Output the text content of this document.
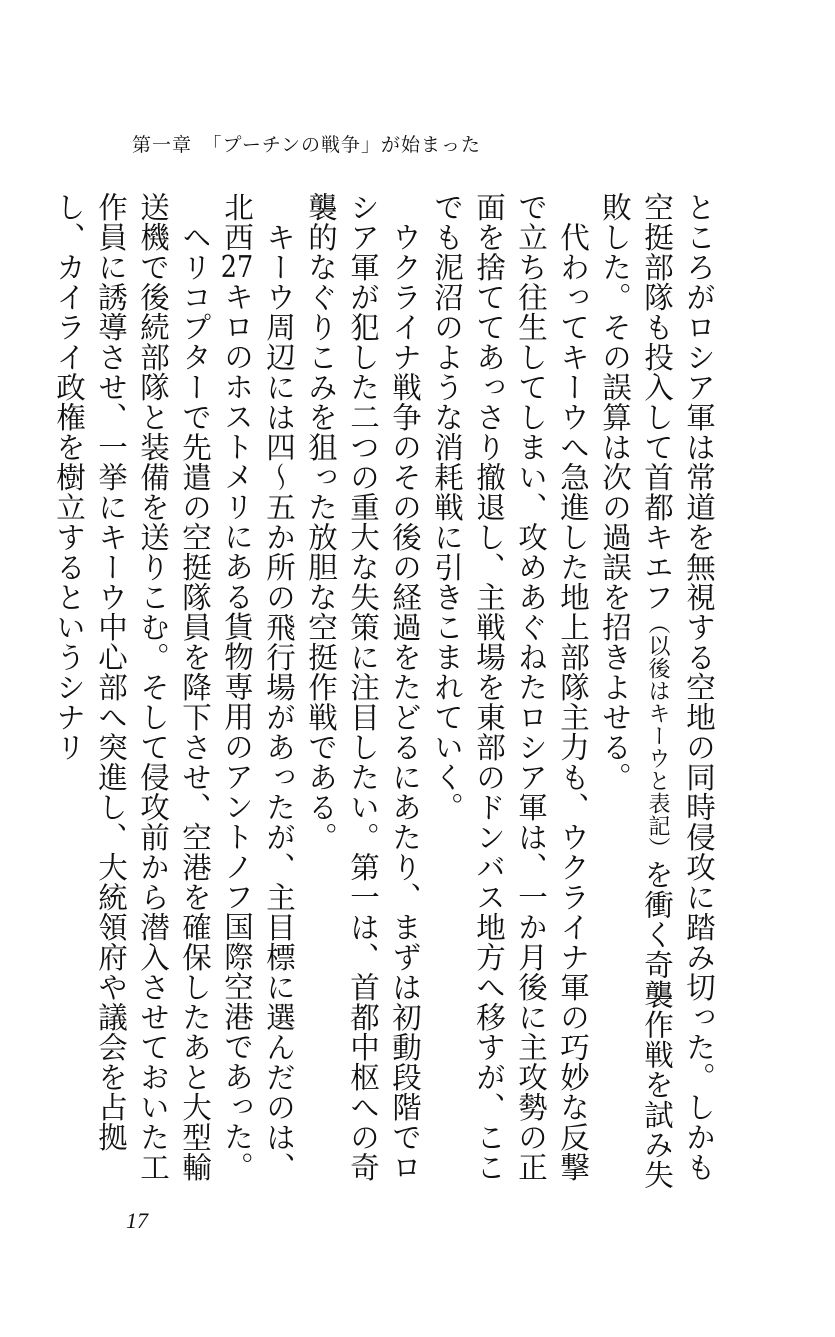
第一章　「プーチンの戦争」が始まった

ところがロシア軍は常道を無視する空地の同時侵攻に踏み切った。しかも空挺部隊も投入して首都キエフ（以後はキーウと表記）を衝く奇襲作戦を試み失敗した。その誤算は次の過誤を招きよせる。

代わってキーウへ急進した地上部隊主力も、ウクライナ軍の巧妙な反撃で立ち往生してしまい、攻めあぐねたロシア軍は、一か月後に主攻勢の正面を捨ててあっさり撤退し、主戦場を東部のドンバス地方へ移すが、ここでも泥沼のような消耗戦に引きこまれていく。

ウクライナ戦争のその後の経過をたどるにあたり、まずは初動段階でロシア軍が犯した二つの重大な失策に注目したい。第一は、首都中枢への奇襲的なぐりこみを狙った放胆な空挺作戦である。

キーウ周辺には四〜五か所の飛行場があったが、主目標に選んだのは、北西27キロのホストメリにある貨物専用のアントノフ国際空港であった。

ヘリコプターで先遣の空挺隊員を降下させ、空港を確保したあと大型輸送機で後続部隊と装備を送りこむ。そして侵攻前から潜入させておいた工作員に誘導させ、一挙にキーウ中心部へ突進し、大統領府や議会を占拠し、カイライ政権を樹立するというシナリ

17
